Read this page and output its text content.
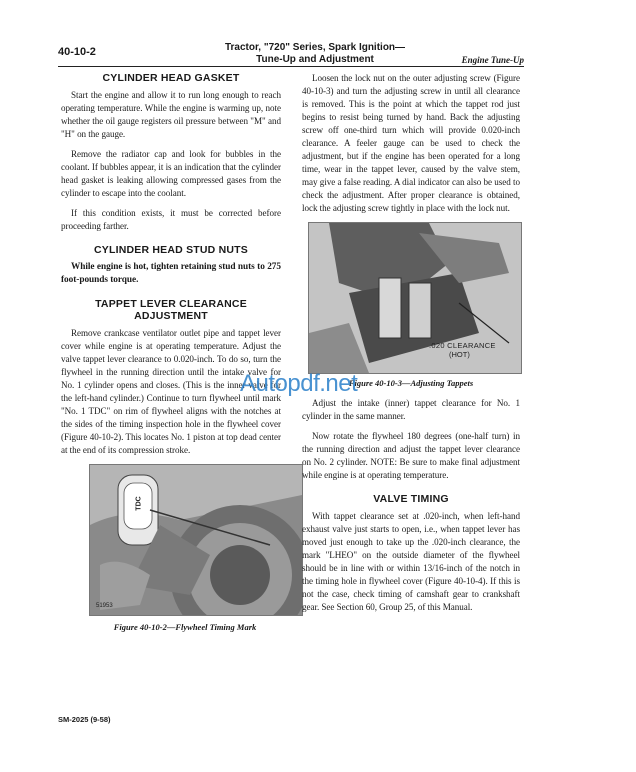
40-10-2	Tractor, "720" Series, Spark Ignition—
Tune-Up and Adjustment	Engine Tune-Up
CYLINDER HEAD GASKET

Start the engine and allow it to run long enough to reach operating temperature. While the engine is warming up, note whether the oil gauge registers oil pressure between "M" and "H" on the gauge.

Remove the radiator cap and look for bubbles in the coolant. If bubbles appear, it is an indication that the cylinder head gasket is leaking allowing compressed gases from the cylinder to escape into the coolant.

If this condition exists, it must be corrected before proceeding farther.

CYLINDER HEAD STUD NUTS

While engine is hot, tighten retaining stud nuts to 275 foot-pounds torque.

TAPPET LEVER CLEARANCE ADJUSTMENT

Remove crankcase ventilator outlet pipe and tappet lever cover while engine is at operating temperature. Adjust the valve tappet lever clearance to 0.020-inch. To do so, turn the flywheel in the running direction until the intake valve for No. 1 cylinder opens and closes. (This is the inner valve for the left-hand cylinder.) Continue to turn flywheel until mark "No. 1 TDC" on rim of flywheel aligns with the notches at the sides of the timing inspection hole in the flywheel cover (Figure 40-10-2). This locates No. 1 piston at top dead center at the end of its compression stroke.

TDC
51953
Figure 40-10-2—Flywheel Timing Mark

Loosen the lock nut on the outer adjusting screw (Figure 40-10-3) and turn the adjusting screw in until all clearance is removed. This is the point at which the tappet rod just begins to resist being turned by hand. Back the adjusting screw off one-third turn which will provide 0.020-inch clearance. A feeler gauge can be used to check the adjustment, but if the engine has been operated for a long time, wear in the tappet lever, caused by the valve stem, may give a false reading. A dial indicator can also be used to check the adjustment. After proper clearance is obtained, lock the adjusting screw tightly in place with the lock nut.

.020 CLEARANCE
(HOT)
Figure 40-10-3—Adjusting Tappets

Adjust the intake (inner) tappet clearance for No. 1 cylinder in the same manner.

Now rotate the flywheel 180 degrees (one-half turn) in the running direction and adjust the tappet lever clearance on No. 2 cylinder. NOTE: Be sure to make final adjustment while engine is at operating temperature.

VALVE TIMING

With tappet clearance set at .020-inch, when left-hand exhaust valve just starts to open, i.e., when tappet lever has moved just enough to take up the .020-inch clearance, the mark "LHEO" on the outside diameter of the flywheel should be in line with or within 13/16-inch of the notch in the timing hole in flywheel cover (Figure 40-10-4). If this is not the case, check timing of camshaft gear to crankshaft gear. See Section 60, Group 25, of this Manual.

SM-2025 (9-58)
Autopdf.net
